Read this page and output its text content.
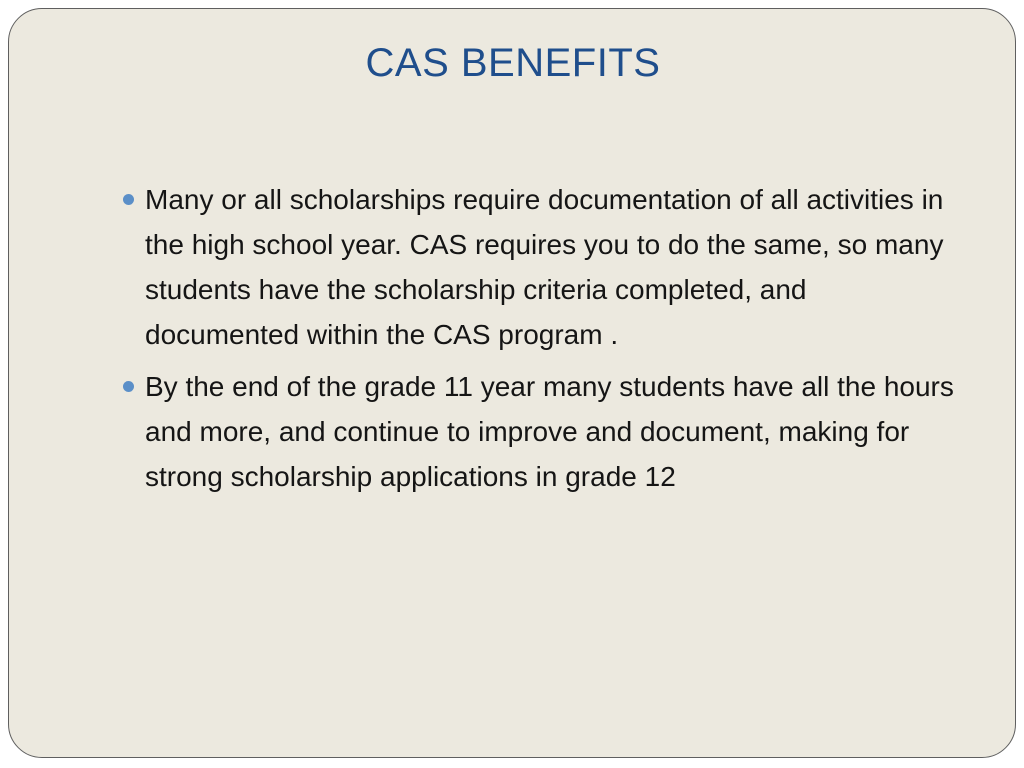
CAS BENEFITS
Many or all scholarships require documentation of all activities in the high school year. CAS requires you to do the same, so many students have the scholarship criteria completed, and documented within the CAS program .
By the end of the grade 11 year many students have all the hours and more, and continue to improve and document, making for strong scholarship applications in grade 12
